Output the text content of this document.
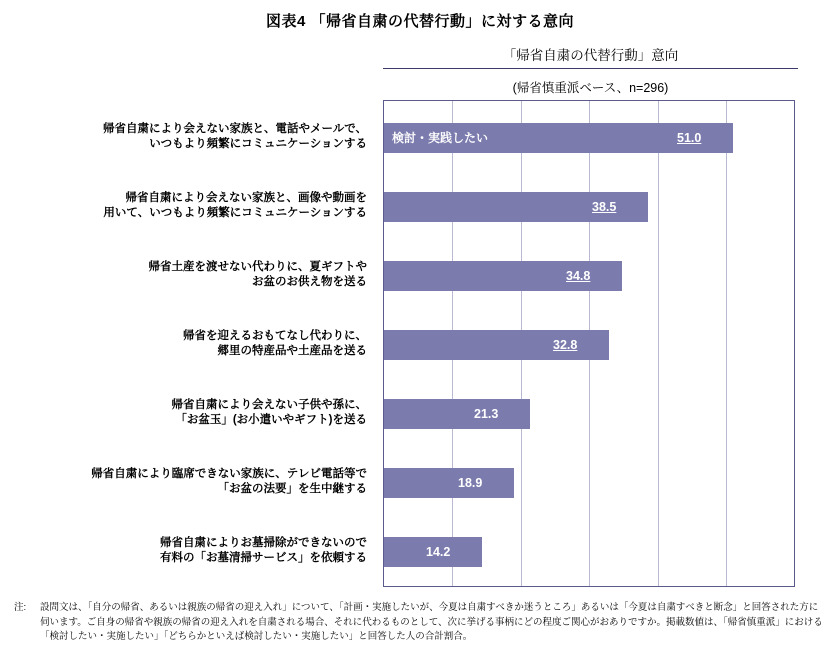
図表4 「帰省自粛の代替行動」に対する意向
「帰省自粛の代替行動」意向
(帰省慎重派ベース、n=296)
検討・実践したい	51.0
38.5
34.8
32.8
21.3
18.9
14.2
帰省自粛により会えない家族と、電話やメールで、
いつもより頻繁にコミュニケーションする
帰省自粛により会えない家族と、画像や動画を
用いて、いつもより頻繁にコミュニケーションする
帰省土産を渡せない代わりに、夏ギフトや
お盆のお供え物を送る
帰省を迎えるおもてなし代わりに、
郷里の特産品や土産品を送る
帰省自粛により会えない子供や孫に、
「お盆玉」(お小遣いやギフト)を送る
帰省自粛により臨席できない家族に、テレビ電話等で
「お盆の法要」を生中継する
帰省自粛によりお墓掃除ができないので
有料の「お墓清掃サービス」を依頼する
注: 設問文は、「自分の帰省、あるいは親族の帰省の迎え入れ」について、「計画・実施したいが、今夏は自粛すべきか迷うところ」あるいは「今夏は自粛すべきと断念」と回答された方に伺います。ご自身の帰省や親族の帰省の迎え入れを自粛される場合、それに代わるものとして、次に挙げる事柄にどの程度ご関心がおありですか。掲載数値は、「帰省慎重派」における「検討したい・実施したい」「どちらかといえば検討したい・実施したい」と回答した人の合計割合。
